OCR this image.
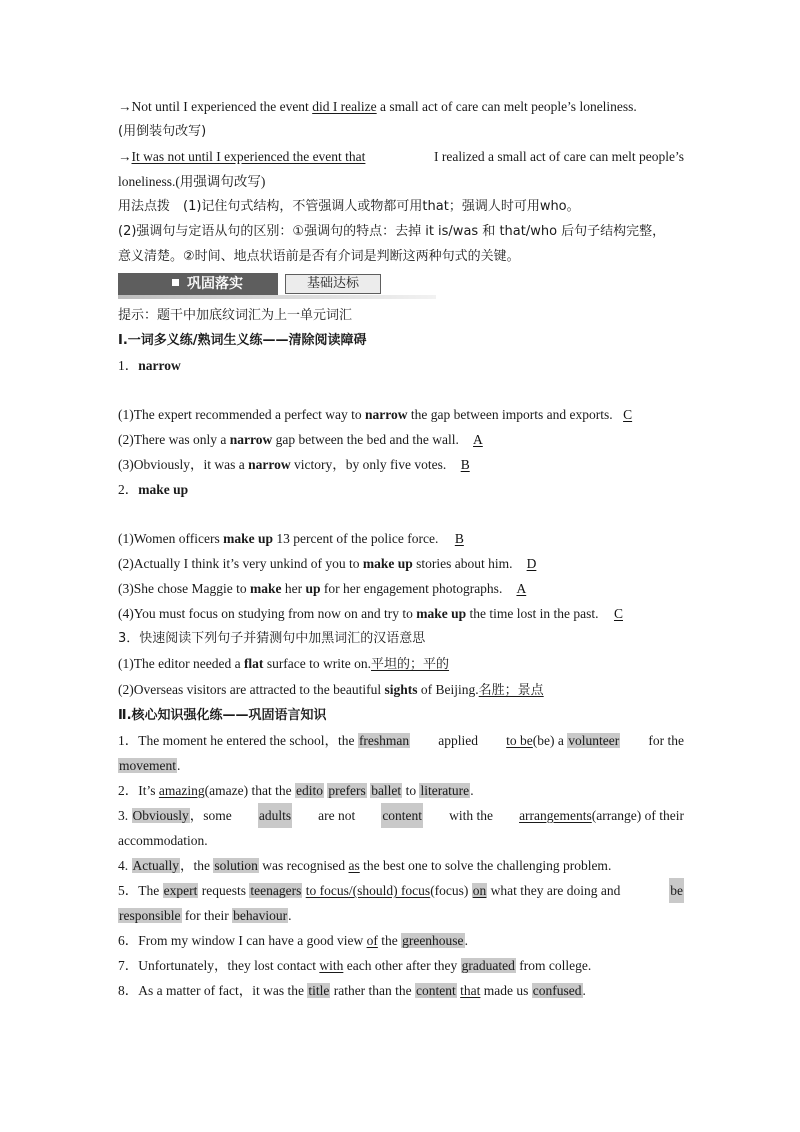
→Not until I experienced the event did I realize a small act of care can melt people’s loneliness.
(用倒装句改写)
→It was not until I experienced the event that	I realized a small act of care can melt people’s
loneliness.(用强调句改写)
用法点拨　(1)记住句式结构，不管强调人或物都可用that；强调人时可用who。
(2)强调句与定语从句的区别：①强调句的特点：去掉 it is/was 和 that/who 后句子结构完整，
意义清楚。②时间、地点状语前是否有介词是判断这两种句式的关键。
巩固落实	基础达标
提示：题干中加底纹词汇为上一单元词汇
Ⅰ.一词多义练/熟词生义练——清除阅读障碍
1．narrow
(1)The expert recommended a perfect way to narrow the gap between imports and exports. C
(2)There was only a narrow gap between the bed and the wall. A
(3)Obviously，it was a narrow victory，by only five votes. B
2．make up
(1)Women officers make up 13 percent of the police force. B
(2)Actually I think it’s very unkind of you to make up stories about him. D
(3)She chose Maggie to make her up for her engagement photographs. A
(4)You must focus on studying from now on and try to make up the time lost in the past. C
3．快速阅读下列句子并猜测句中加黑词汇的汉语意思
(1)The editor needed a flat surface to write on.平坦的；平的
(2)Overseas visitors are attracted to the beautiful sights of Beijing.名胜；景点
Ⅱ.核心知识强化练——巩固语言知识
1．The moment he entered the school，the freshman applied to be(be) a volunteer for the
movement.
2．It’s amazing(amaze) that the edito prefers ballet to literature.
3. Obviously，some adults are not content with the arrangements(arrange) of their
accommodation.
4. Actually，the solution was recognised as the best one to solve the challenging problem.
5．The expert requests teenagers to focus/(should) focus(focus) on what they are doing and	be
responsible for their behaviour.
6．From my window I can have a good view of the greenhouse.
7．Unfortunately，they lost contact with each other after they graduated from college.
8．As a matter of fact，it was the title rather than the content that made us confused.
